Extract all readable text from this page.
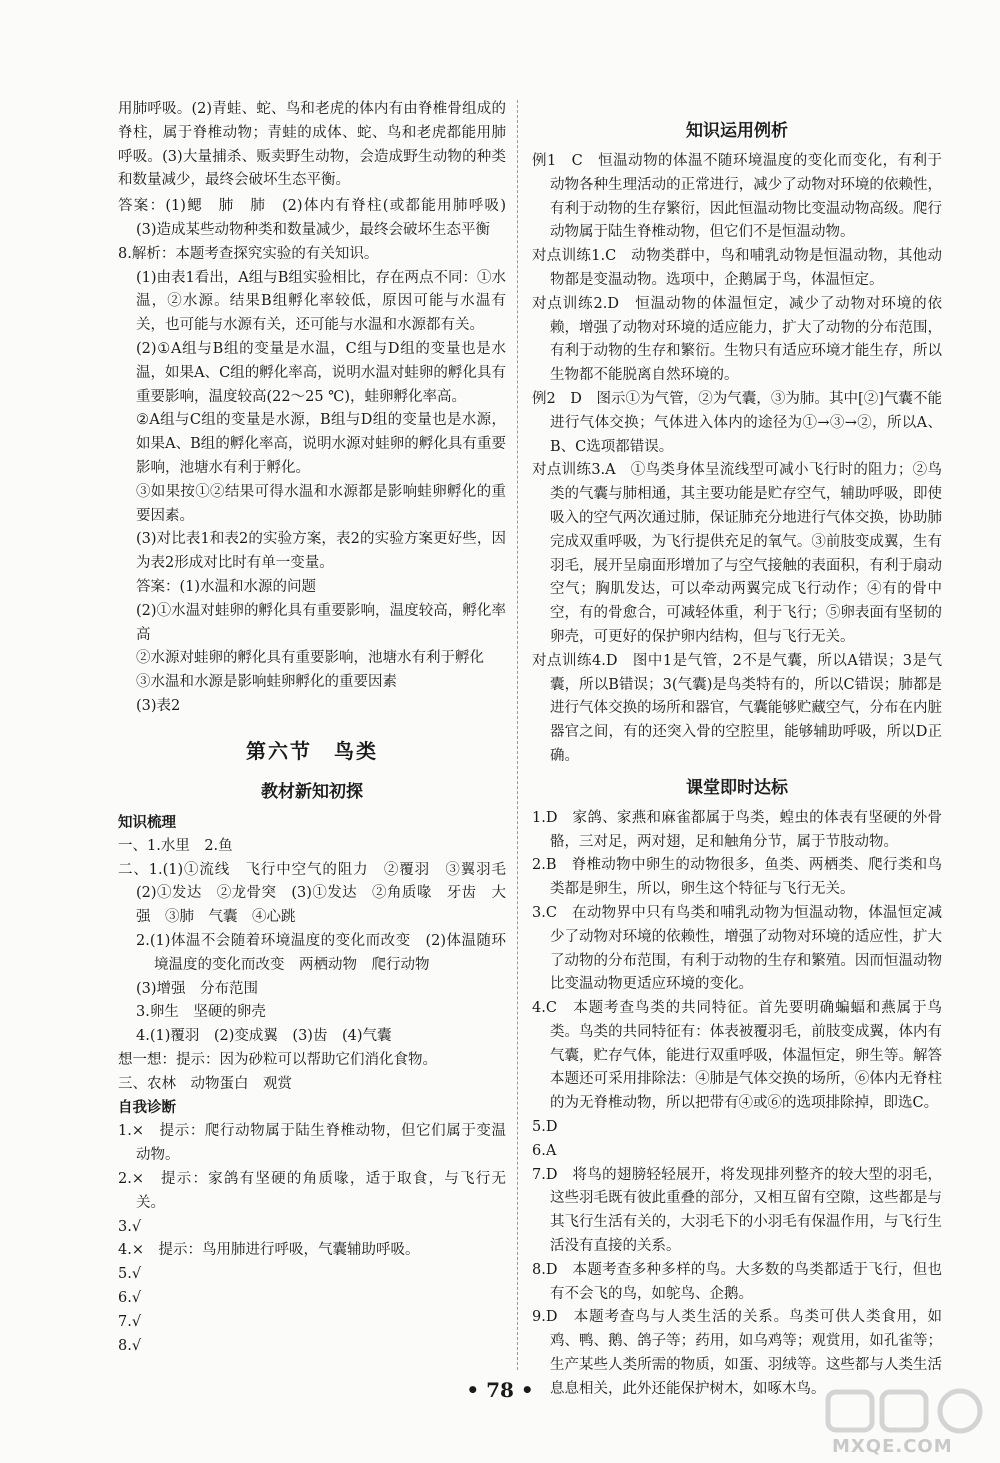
用肺呼吸。(2)青蛙、蛇、鸟和老虎的体内有由脊椎骨组成的脊柱，属于脊椎动物；青蛙的成体、蛇、鸟和老虎都能用肺呼吸。(3)大量捕杀、贩卖野生动物，会造成野生动物的种类和数量减少，最终会破坏生态平衡。

答案：(1)鳃　肺　肺　(2)体内有脊柱(或都能用肺呼吸)　(3)造成某些动物种类和数量减少，最终会破坏生态平衡

8.解析：本题考查探究实验的有关知识。

(1)由表1看出，A组与B组实验相比，存在两点不同：①水温，②水源。结果B组孵化率较低，原因可能与水温有关，也可能与水源有关，还可能与水温和水源都有关。

(2)①A组与B组的变量是水温，C组与D组的变量也是水温，如果A、C组的孵化率高，说明水温对蛙卵的孵化具有重要影响，温度较高(22～25 ℃)，蛙卵孵化率高。

②A组与C组的变量是水源，B组与D组的变量也是水源，如果A、B组的孵化率高，说明水源对蛙卵的孵化具有重要影响，池塘水有利于孵化。

③如果按①②结果可得水温和水源都是影响蛙卵孵化的重要因素。

(3)对比表1和表2的实验方案，表2的实验方案更好些，因为表2形成对比时有单一变量。

答案：(1)水温和水源的问题

(2)①水温对蛙卵的孵化具有重要影响，温度较高，孵化率高

②水源对蛙卵的孵化具有重要影响，池塘水有利于孵化

③水温和水源是影响蛙卵孵化的重要因素

(3)表2

第六节　鸟类
教材新知初探
知识梳理

一、1.水里　2.鱼

二、1.(1)①流线　飞行中空气的阻力　②覆羽　③翼羽毛　(2)①发达　②龙骨突　(3)①发达　②角质喙　牙齿　大　强　③肺　气囊　④心跳

2.(1)体温不会随着环境温度的变化而改变　(2)体温随环境温度的变化而改变　两栖动物　爬行动物

(3)增强　分布范围

3.卵生　坚硬的卵壳

4.(1)覆羽　(2)变成翼　(3)齿　(4)气囊

想一想：提示：因为砂粒可以帮助它们消化食物。

三、农林　动物蛋白　观赏

自我诊断

1.×　提示：爬行动物属于陆生脊椎动物，但它们属于变温动物。

2.×　提示：家鸽有坚硬的角质喙，适于取食，与飞行无关。

3.√

4.×　提示：鸟用肺进行呼吸，气囊辅助呼吸。

5.√

6.√

7.√

8.√

知识运用例析

例1　C　恒温动物的体温不随环境温度的变化而变化，有利于动物各种生理活动的正常进行，减少了动物对环境的依赖性，有利于动物的生存繁衍，因此恒温动物比变温动物高级。爬行动物属于陆生脊椎动物，但它们不是恒温动物。

对点训练1.C　动物类群中，鸟和哺乳动物是恒温动物，其他动物都是变温动物。选项中，企鹅属于鸟，体温恒定。

对点训练2.D　恒温动物的体温恒定，减少了动物对环境的依赖，增强了动物对环境的适应能力，扩大了动物的分布范围，有利于动物的生存和繁衍。生物只有适应环境才能生存，所以生物都不能脱离自然环境的。

例2　D　图示①为气管，②为气囊，③为肺。其中[②]气囊不能进行气体交换；气体进入体内的途径为①→③→②，所以A、B、C选项都错误。

对点训练3.A　①鸟类身体呈流线型可减小飞行时的阻力；②鸟类的气囊与肺相通，其主要功能是贮存空气，辅助呼吸，即使吸入的空气两次通过肺，保证肺充分地进行气体交换，协助肺完成双重呼吸，为飞行提供充足的氧气。③前肢变成翼，生有羽毛，展开呈扇面形增加了与空气接触的表面积，有利于扇动空气；胸肌发达，可以牵动两翼完成飞行动作；④有的骨中空，有的骨愈合，可减轻体重，利于飞行；⑤卵表面有坚韧的卵壳，可更好的保护卵内结构，但与飞行无关。

对点训练4.D　图中1是气管，2不是气囊，所以A错误；3是气囊，所以B错误；3(气囊)是鸟类特有的，所以C错误；肺都是进行气体交换的场所和器官，气囊能够贮藏空气，分布在内脏器官之间，有的还突入骨的空腔里，能够辅助呼吸，所以D正确。

课堂即时达标

1.D　家鸽、家燕和麻雀都属于鸟类，蝗虫的体表有坚硬的外骨骼，三对足，两对翅，足和触角分节，属于节肢动物。

2.B　脊椎动物中卵生的动物很多，鱼类、两栖类、爬行类和鸟类都是卵生，所以，卵生这个特征与飞行无关。

3.C　在动物界中只有鸟类和哺乳动物为恒温动物，体温恒定减少了动物对环境的依赖性，增强了动物对环境的适应性，扩大了动物的分布范围，有利于动物的生存和繁殖。因而恒温动物比变温动物更适应环境的变化。

4.C　本题考查鸟类的共同特征。首先要明确蝙蝠和燕属于鸟类。鸟类的共同特征有：体表被覆羽毛，前肢变成翼，体内有气囊，贮存气体，能进行双重呼吸，体温恒定，卵生等。解答本题还可采用排除法：④肺是气体交换的场所，⑥体内无脊柱的为无脊椎动物，所以把带有④或⑥的选项排除掉，即选C。

5.D

6.A

7.D　将鸟的翅膀轻轻展开，将发现排列整齐的较大型的羽毛，这些羽毛既有彼此重叠的部分，又相互留有空隙，这些都是与其飞行生活有关的，大羽毛下的小羽毛有保温作用，与飞行生活没有直接的关系。

8.D　本题考查多种多样的鸟。大多数的鸟类都适于飞行，但也有不会飞的鸟，如鸵鸟、企鹅。

9.D　本题考查鸟与人类生活的关系。鸟类可供人类食用，如鸡、鸭、鹅、鸽子等；药用，如乌鸡等；观赏用，如孔雀等；生产某些人类所需的物质，如蛋、羽绒等。这些都与人类生活息息相关，此外还能保护树木，如啄木鸟。

• 78 •
MXQE.COM
